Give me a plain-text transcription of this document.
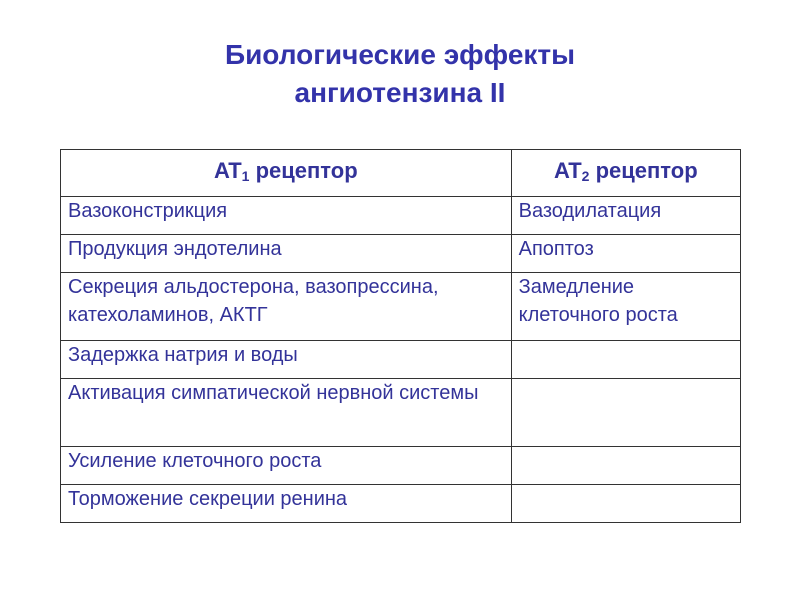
Биологические эффекты
ангиотензина II
$AT_1$ рецептор	$AT_2$ рецептор
Вазоконстрикция	Вазодилатация
Продукция эндотелина	Апоптоз
Секреция альдостерона, вазопрессина, катехоламинов, АКТГ	Замедление клеточного роста
Задержка натрия и воды	
Активация симпатической нервной системы	
Усиление клеточного роста	
Торможение секреции ренина	
